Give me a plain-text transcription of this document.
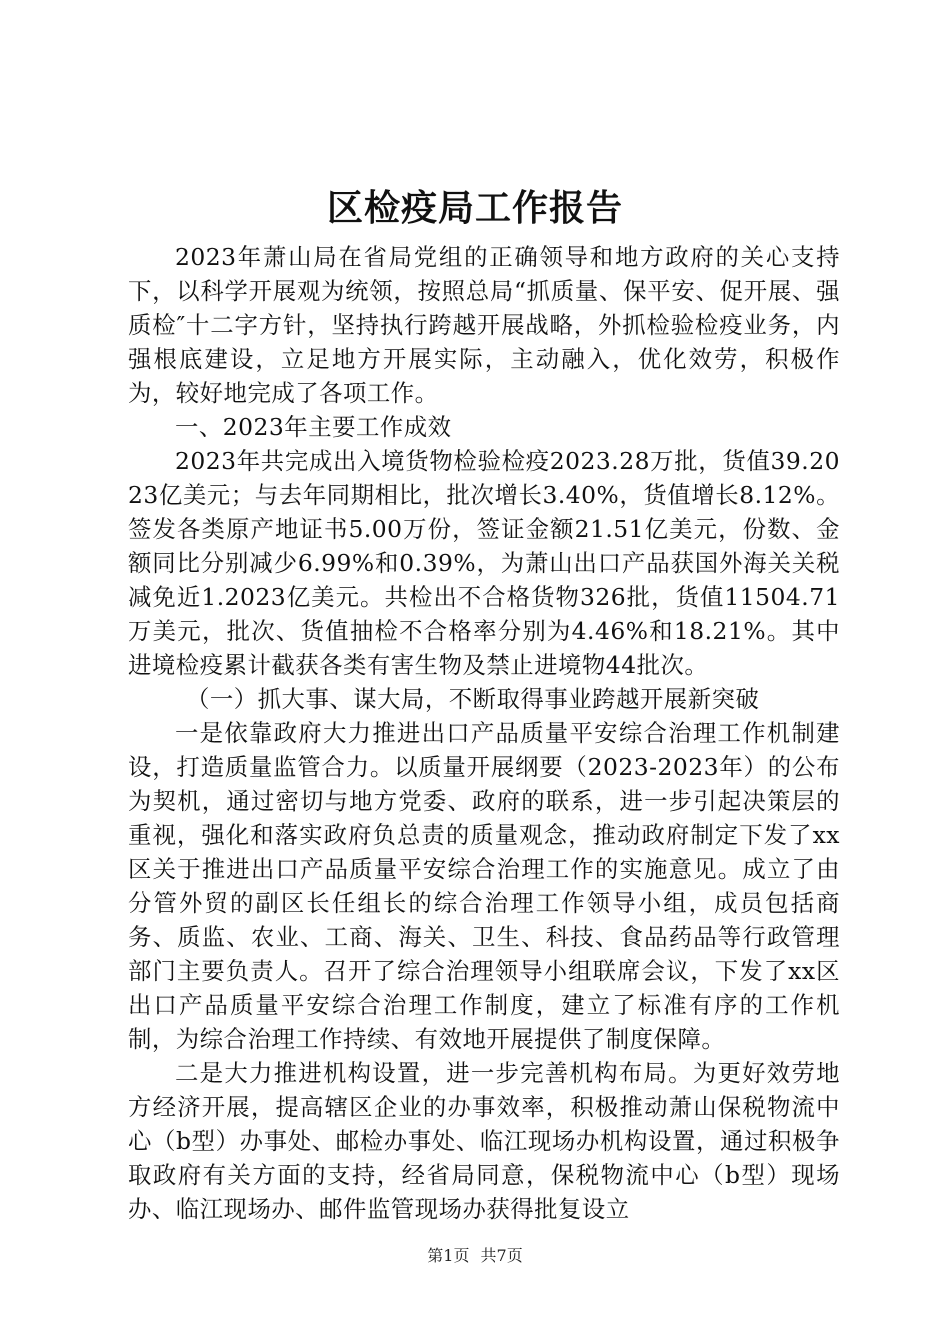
区检疫局工作报告

2023年萧山局在省局党组的正确领导和地方政府的关心支持下，以科学开展观为统领，按照总局“抓质量、保平安、促开展、强质检″十二字方针，坚持执行跨越开展战略，外抓检验检疫业务，内强根底建设，立足地方开展实际，主动融入，优化效劳，积极作为，较好地完成了各项工作。

一、2023年主要工作成效

2023年共完成出入境货物检验检疫2023.28万批，货值39.2023亿美元；与去年同期相比，批次增长3.40%，货值增长8.12%。签发各类原产地证书5.00万份，签证金额21.51亿美元，份数、金额同比分别减少6.99%和0.39%，为萧山出口产品获国外海关关税减免近1.2023亿美元。共检出不合格货物326批，货值11504.71万美元，批次、货值抽检不合格率分别为4.46%和18.21%。其中进境检疫累计截获各类有害生物及禁止进境物44批次。

（一）抓大事、谋大局，不断取得事业跨越开展新突破

一是依靠政府大力推进出口产品质量平安综合治理工作机制建设，打造质量监管合力。以质量开展纲要（2023-2023年）的公布为契机，通过密切与地方党委、政府的联系，进一步引起决策层的重视，强化和落实政府负总责的质量观念，推动政府制定下发了xx区关于推进出口产品质量平安综合治理工作的实施意见。成立了由分管外贸的副区长任组长的综合治理工作领导小组，成员包括商务、质监、农业、工商、海关、卫生、科技、食品药品等行政管理部门主要负责人。召开了综合治理领导小组联席会议，下发了xx区出口产品质量平安综合治理工作制度，建立了标准有序的工作机制，为综合治理工作持续、有效地开展提供了制度保障。

二是大力推进机构设置，进一步完善机构布局。为更好效劳地方经济开展，提高辖区企业的办事效率，积极推动萧山保税物流中心（b型）办事处、邮检办事处、临江现场办机构设置，通过积极争取政府有关方面的支持，经省局同意，保税物流中心（b型）现场办、临江现场办、邮件监管现场办获得批复设立

第1页 共7页
